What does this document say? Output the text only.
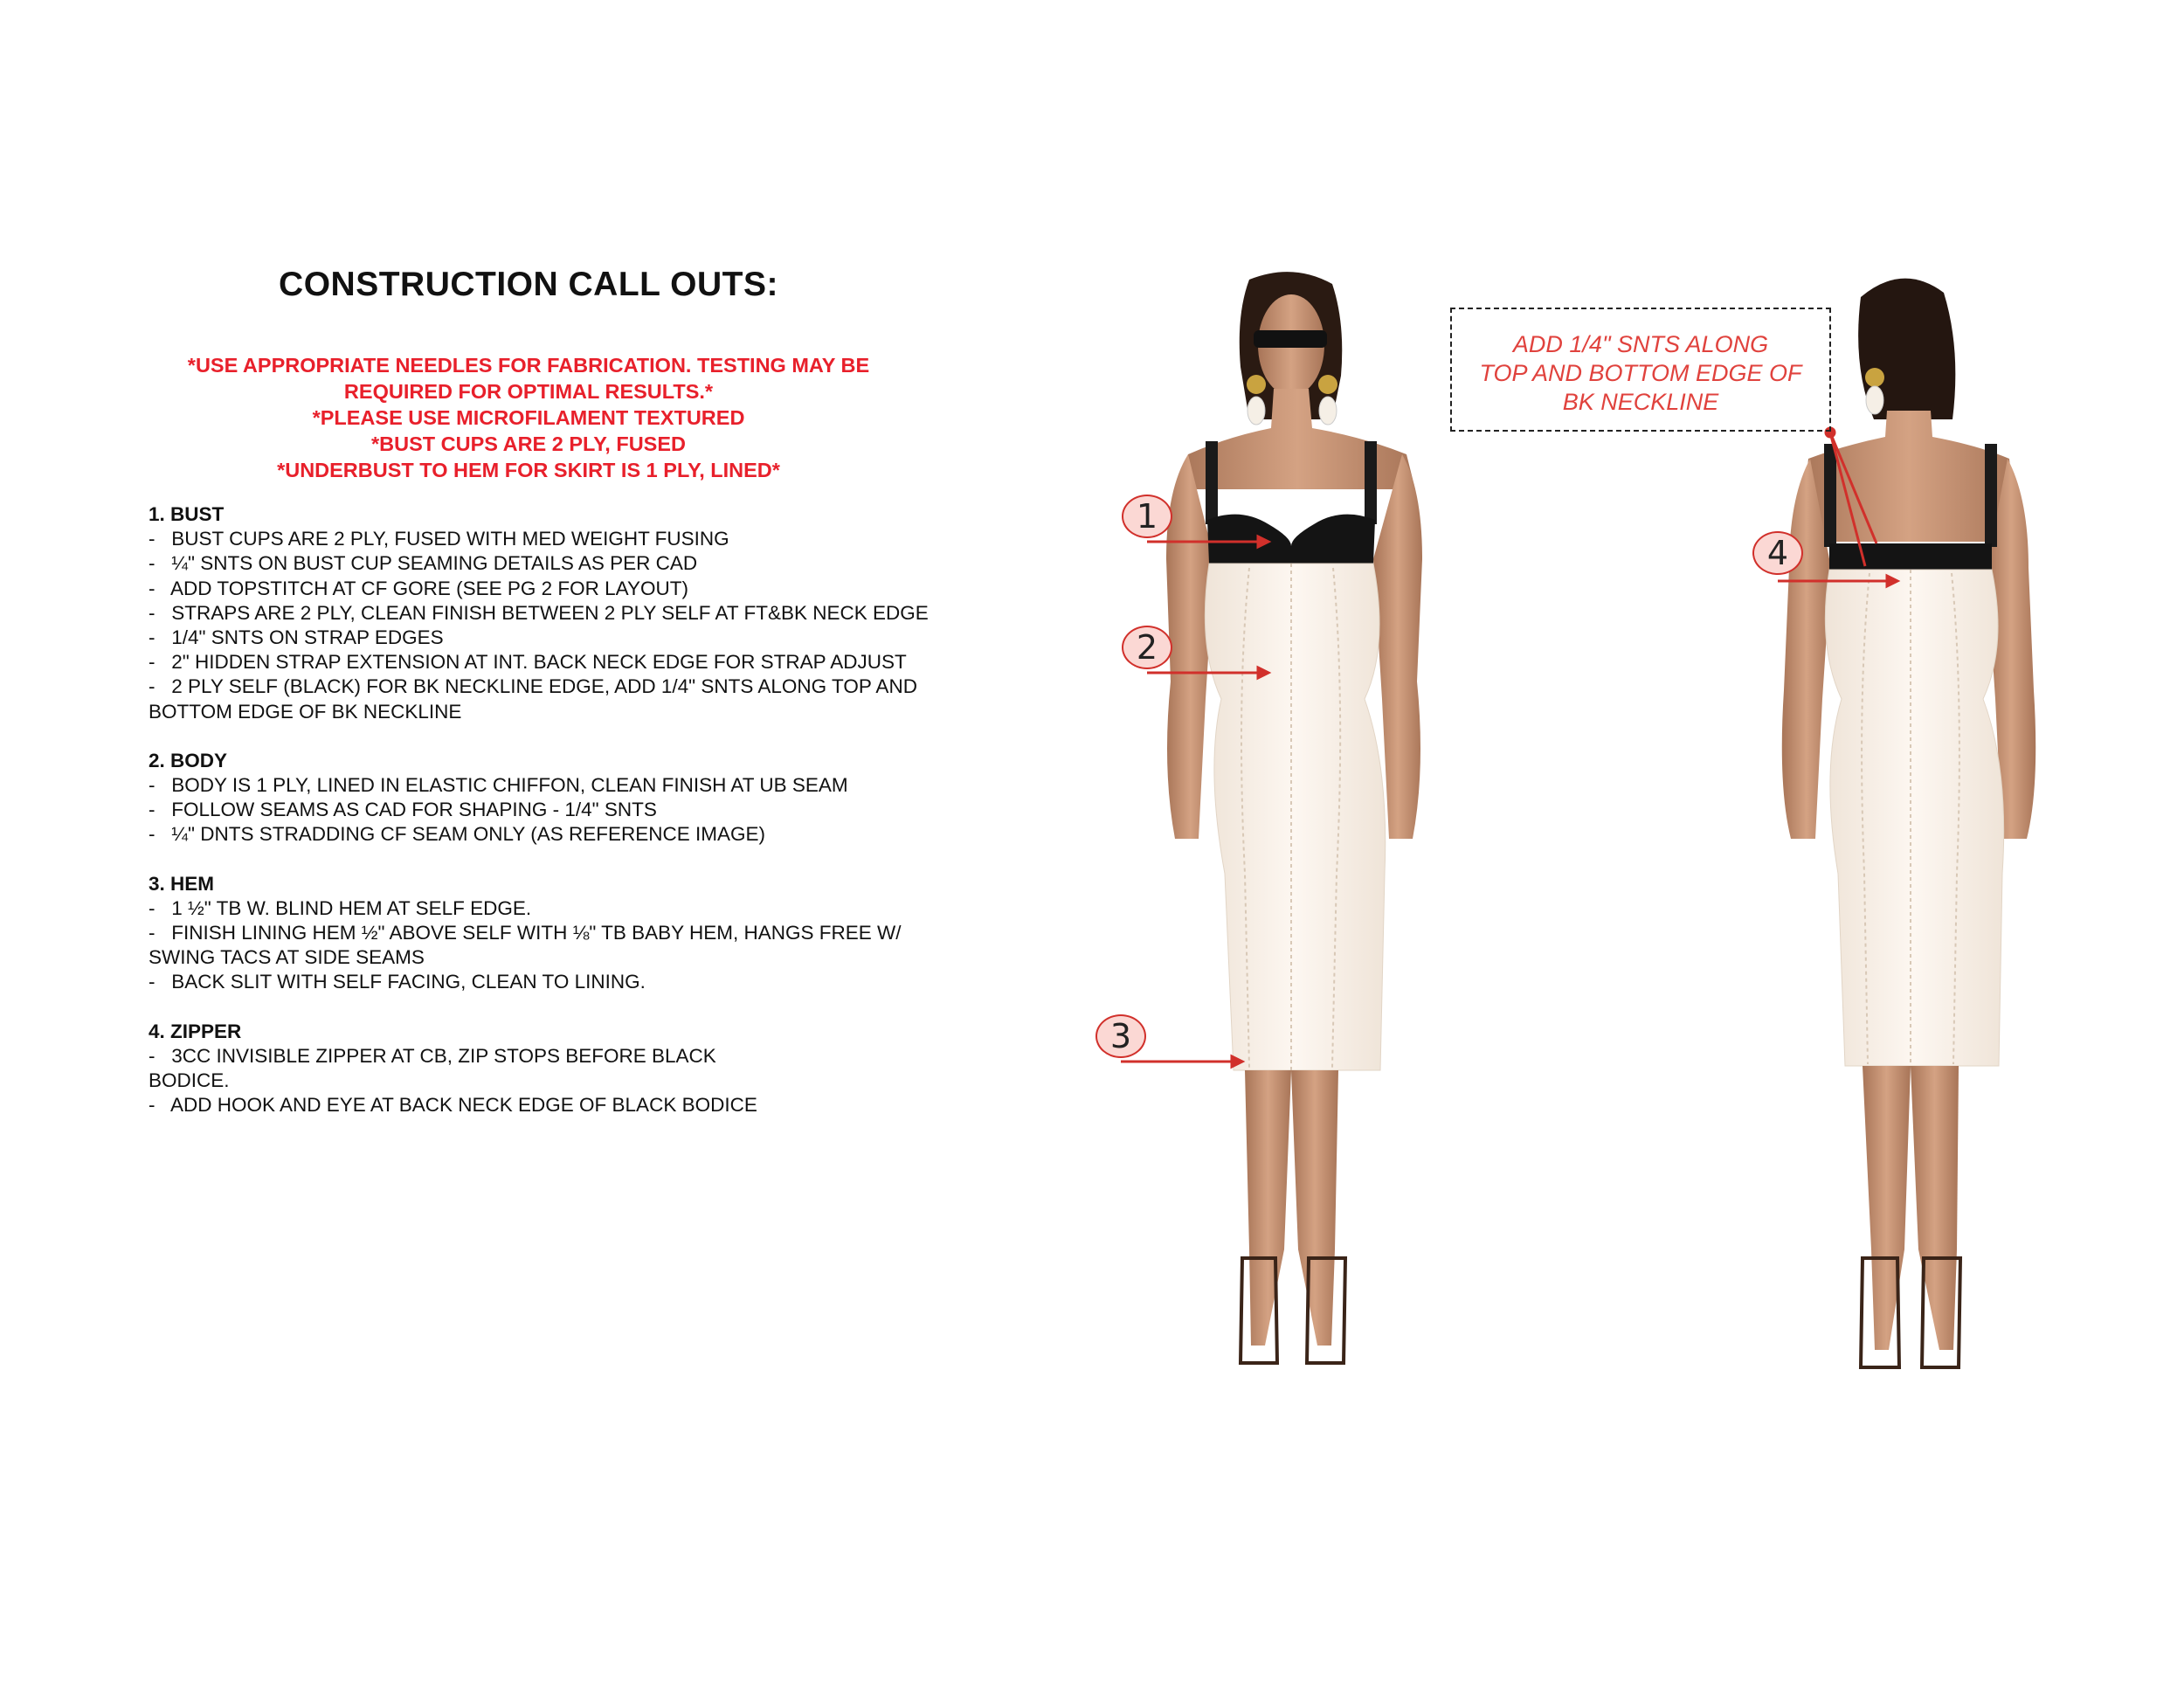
CONSTRUCTION CALL OUTS:
*USE APPROPRIATE NEEDLES FOR FABRICATION. TESTING MAY BE
REQUIRED FOR OPTIMAL RESULTS.*
*PLEASE USE MICROFILAMENT TEXTURED
*BUST CUPS ARE 2 PLY, FUSED
*UNDERBUST TO HEM FOR SKIRT IS 1 PLY, LINED*
1. BUST
-   BUST CUPS ARE 2 PLY, FUSED WITH MED WEIGHT FUSING
-   ¼" SNTS ON BUST CUP SEAMING DETAILS AS PER CAD
-   ADD TOPSTITCH AT CF GORE (SEE PG 2 FOR LAYOUT)
-   STRAPS ARE 2 PLY, CLEAN FINISH BETWEEN 2 PLY SELF AT FT&BK NECK EDGE
-   1/4" SNTS ON STRAP EDGES
-   2" HIDDEN STRAP EXTENSION AT INT. BACK NECK EDGE FOR STRAP ADJUST
-   2 PLY SELF (BLACK) FOR BK NECKLINE EDGE, ADD 1/4" SNTS ALONG TOP AND
BOTTOM EDGE OF BK NECKLINE
2. BODY
-   BODY IS 1 PLY, LINED IN ELASTIC CHIFFON, CLEAN FINISH AT UB SEAM
-   FOLLOW SEAMS AS CAD FOR SHAPING - 1/4" SNTS
-   ¼" DNTS STRADDING CF SEAM ONLY (AS REFERENCE IMAGE)
3. HEM
-   1 ½" TB W. BLIND HEM AT SELF EDGE.
-   FINISH LINING HEM ½" ABOVE SELF WITH ⅛" TB BABY HEM, HANGS FREE W/
SWING TACS AT SIDE SEAMS
-   BACK SLIT WITH SELF FACING, CLEAN TO LINING.
4. ZIPPER
-   3CC INVISIBLE ZIPPER AT CB, ZIP STOPS BEFORE BLACK
BODICE.
-   ADD HOOK AND EYE AT BACK NECK EDGE OF BLACK BODICE
ADD 1/4" SNTS ALONG
TOP AND BOTTOM EDGE OF
BK NECKLINE
1
2
3
4
